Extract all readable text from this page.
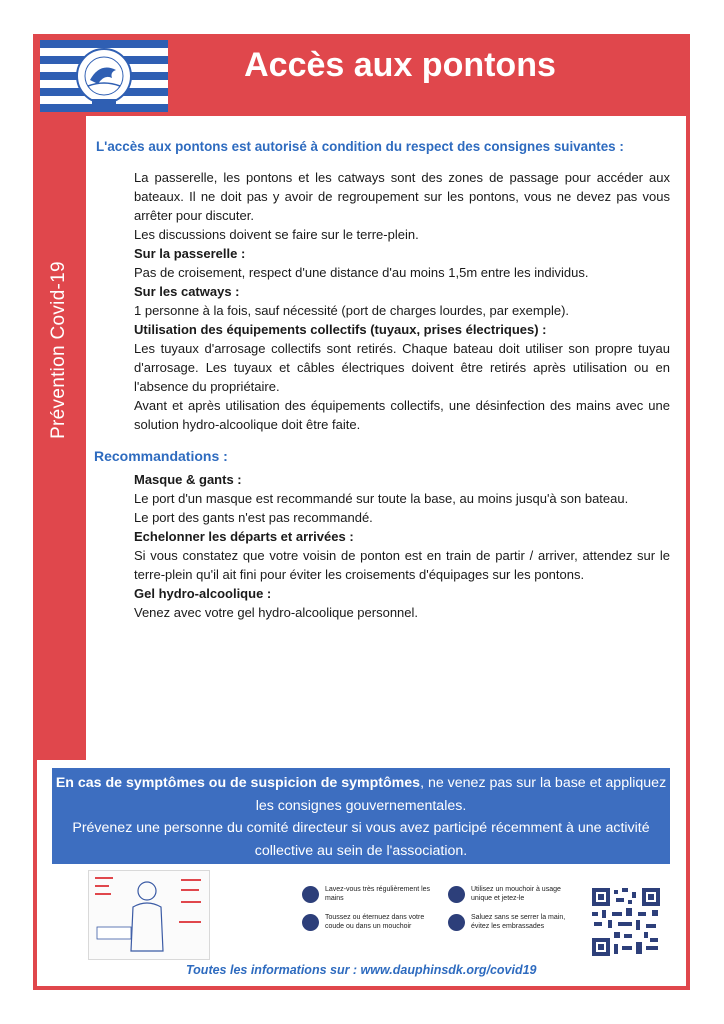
Accès aux pontons
Prévention Covid-19
L'accès aux pontons est autorisé à condition du respect des consignes suivantes :

La passerelle, les pontons et les catways sont des zones de passage pour accéder aux bateaux. Il ne doit pas y avoir de regroupement sur les pontons, vous ne devez pas vous arrêter pour discuter.

Les discussions doivent se faire sur le terre-plein.

Sur la passerelle :

Pas de croisement, respect d'une distance d'au moins 1,5m entre les individus.

Sur les catways :

1 personne à la fois, sauf nécessité (port de charges lourdes, par exemple).

Utilisation des équipements collectifs (tuyaux, prises électriques) :

Les tuyaux d'arrosage collectifs sont retirés. Chaque bateau doit utiliser son propre tuyau d'arrosage. Les tuyaux et câbles électriques doivent être retirés après utilisation ou en l'absence du propriétaire.

Avant et après utilisation des équipements collectifs, une désinfection des mains avec une solution hydro-alcoolique doit être faite.

Recommandations :

Masque & gants :

Le port d'un masque est recommandé sur toute la base, au moins jusqu'à son bateau.

Le port des gants n'est pas recommandé.

Echelonner les départs et arrivées :

Si vous constatez que votre voisin de ponton est en train de partir / arriver, attendez sur le terre-plein qu'il ait fini pour éviter les croisements d'équipages sur les pontons.

Gel hydro-alcoolique :

Venez avec votre gel hydro-alcoolique personnel.

En cas de symptômes ou de suspicion de symptômes, ne venez pas sur la base et appliquez les consignes gouvernementales.
Prévenez une personne du comité directeur si vous avez participé récemment à une activité collective au sein de l'association.
Lavez-vous très régulièrement les mains
Toussez ou éternuez dans votre coude ou dans un mouchoir
Utilisez un mouchoir à usage unique et jetez-le
Saluez sans se serrer la main, évitez les embrassades
Toutes les informations sur : www.dauphinsdk.org/covid19
